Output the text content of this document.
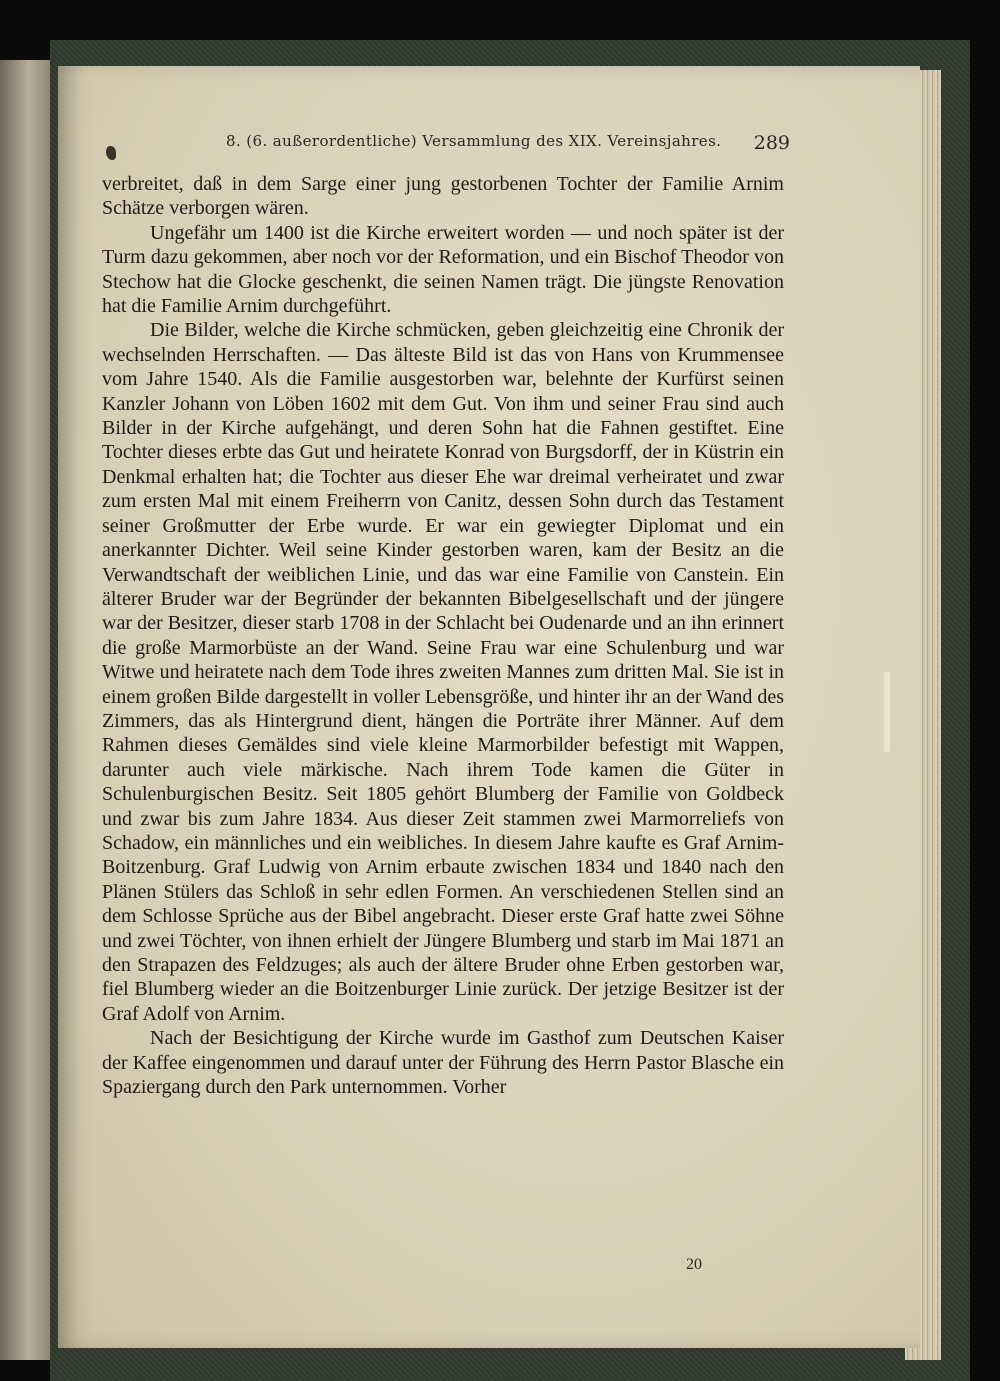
8. (6. außerordentliche) Versammlung des XIX. Vereinsjahres. 289

verbreitet, daß in dem Sarge einer jung gestorbenen Tochter der Familie Arnim Schätze verborgen wären.

Ungefähr um 1400 ist die Kirche erweitert worden — und noch später ist der Turm dazu gekommen, aber noch vor der Reformation, und ein Bischof Theodor von Stechow hat die Glocke geschenkt, die seinen Namen trägt. Die jüngste Renovation hat die Familie Arnim durchgeführt.

Die Bilder, welche die Kirche schmücken, geben gleichzeitig eine Chronik der wechselnden Herrschaften. — Das älteste Bild ist das von Hans von Krummensee vom Jahre 1540. Als die Familie ausgestorben war, belehnte der Kurfürst seinen Kanzler Johann von Löben 1602 mit dem Gut. Von ihm und seiner Frau sind auch Bilder in der Kirche aufgehängt, und deren Sohn hat die Fahnen gestiftet. Eine Tochter dieses erbte das Gut und heiratete Konrad von Burgsdorff, der in Küstrin ein Denkmal erhalten hat; die Tochter aus dieser Ehe war dreimal verheiratet und zwar zum ersten Mal mit einem Freiherrn von Canitz, dessen Sohn durch das Testament seiner Großmutter der Erbe wurde. Er war ein gewiegter Diplomat und ein anerkannter Dichter. Weil seine Kinder gestorben waren, kam der Besitz an die Verwandtschaft der weiblichen Linie, und das war eine Familie von Canstein. Ein älterer Bruder war der Begründer der bekannten Bibelgesellschaft und der jüngere war der Besitzer, dieser starb 1708 in der Schlacht bei Oudenarde und an ihn erinnert die große Marmorbüste an der Wand. Seine Frau war eine Schulenburg und war Witwe und heiratete nach dem Tode ihres zweiten Mannes zum dritten Mal. Sie ist in einem großen Bilde dargestellt in voller Lebensgröße, und hinter ihr an der Wand des Zimmers, das als Hintergrund dient, hängen die Porträte ihrer Männer. Auf dem Rahmen dieses Gemäldes sind viele kleine Marmorbilder befestigt mit Wappen, darunter auch viele märkische. Nach ihrem Tode kamen die Güter in Schulenburgischen Besitz. Seit 1805 gehört Blumberg der Familie von Goldbeck und zwar bis zum Jahre 1834. Aus dieser Zeit stammen zwei Marmorreliefs von Schadow, ein männliches und ein weibliches. In diesem Jahre kaufte es Graf Arnim-Boitzenburg. Graf Ludwig von Arnim erbaute zwischen 1834 und 1840 nach den Plänen Stülers das Schloß in sehr edlen Formen. An verschiedenen Stellen sind an dem Schlosse Sprüche aus der Bibel angebracht. Dieser erste Graf hatte zwei Söhne und zwei Töchter, von ihnen erhielt der Jüngere Blumberg und starb im Mai 1871 an den Strapazen des Feldzuges; als auch der ältere Bruder ohne Erben gestorben war, fiel Blumberg wieder an die Boitzenburger Linie zurück. Der jetzige Besitzer ist der Graf Adolf von Arnim.

Nach der Besichtigung der Kirche wurde im Gasthof zum Deutschen Kaiser der Kaffee eingenommen und darauf unter der Führung des Herrn Pastor Blasche ein Spaziergang durch den Park unternommen. Vorher

20
